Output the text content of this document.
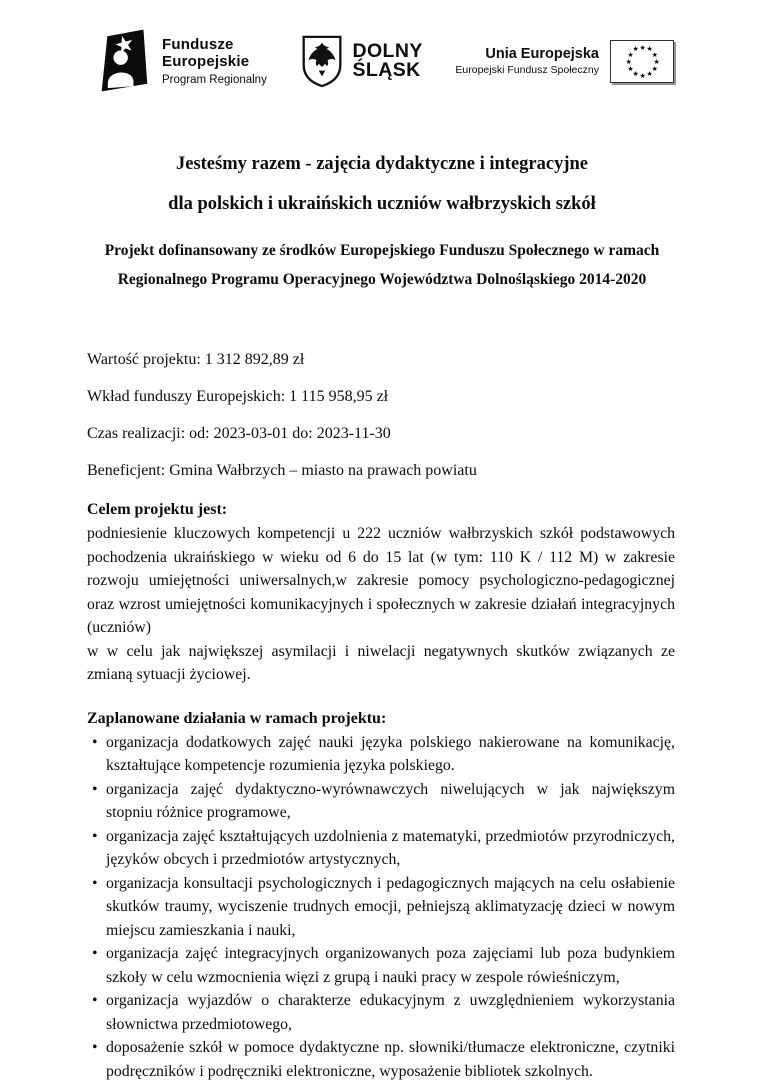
Fundusze
Europejskie
Program Regionalny
DOLNY
ŚLĄSK
Unia Europejska
Europejski Fundusz Społeczny
★ ★
★
★
★
★
★
★
★
★
★
★
Jesteśmy razem - zajęcia dydaktyczne i integracyjne
dla polskich i ukraińskich uczniów wałbrzyskich szkół
Projekt dofinansowany ze środków Europejskiego Funduszu Społecznego w ramach
Regionalnego Programu Operacyjnego Województwa Dolnośląskiego 2014-2020

Wartość projektu: 1 312 892,89 zł

Wkład funduszy Europejskich: 1 115 958,95 zł

Czas realizacji: od: 2023-03-01 do: 2023-11-30

Beneficjent: Gmina Wałbrzych – miasto na prawach powiatu

Celem projektu jest:

podniesienie kluczowych kompetencji u 222 uczniów wałbrzyskich szkół podstawowych pochodzenia ukraińskiego w wieku od 6 do 15 lat (w tym: 110 K / 112 M) w zakresie rozwoju umiejętności uniwersalnych,w zakresie pomocy psychologiczno-pedagogicznej oraz wzrost umiejętności komunikacyjnych i społecznych w zakresie działań integracyjnych (uczniów)
w w celu jak największej asymilacji i niwelacji negatywnych skutków związanych ze zmianą sytuacji życiowej.

Zaplanowane działania w ramach projektu:

• organizacja dodatkowych zajęć nauki języka polskiego nakierowane na komunikację, kształtujące kompetencje rozumienia języka polskiego.

• organizacja zajęć dydaktyczno-wyrównawczych niwelujących w jak największym stopniu różnice programowe,

• organizacja zajęć kształtujących uzdolnienia z matematyki, przedmiotów przyrodniczych, języków obcych i przedmiotów artystycznych,

• organizacja konsultacji psychologicznych i pedagogicznych mających na celu osłabienie skutków traumy, wyciszenie trudnych emocji, pełniejszą aklimatyzację dzieci w nowym miejscu zamieszkania i nauki,

• organizacja zajęć integracyjnych organizowanych poza zajęciami lub poza budynkiem szkoły w celu wzmocnienia więzi z grupą i nauki pracy w zespole rówieśniczym,

• organizacja wyjazdów o charakterze edukacyjnym z uwzględnieniem wykorzystania słownictwa przedmiotowego,

• doposażenie szkół w pomoce dydaktyczne np. słowniki/tłumacze elektroniczne, czytniki podręczników i podręczniki elektroniczne, wyposażenie bibliotek szkolnych.
